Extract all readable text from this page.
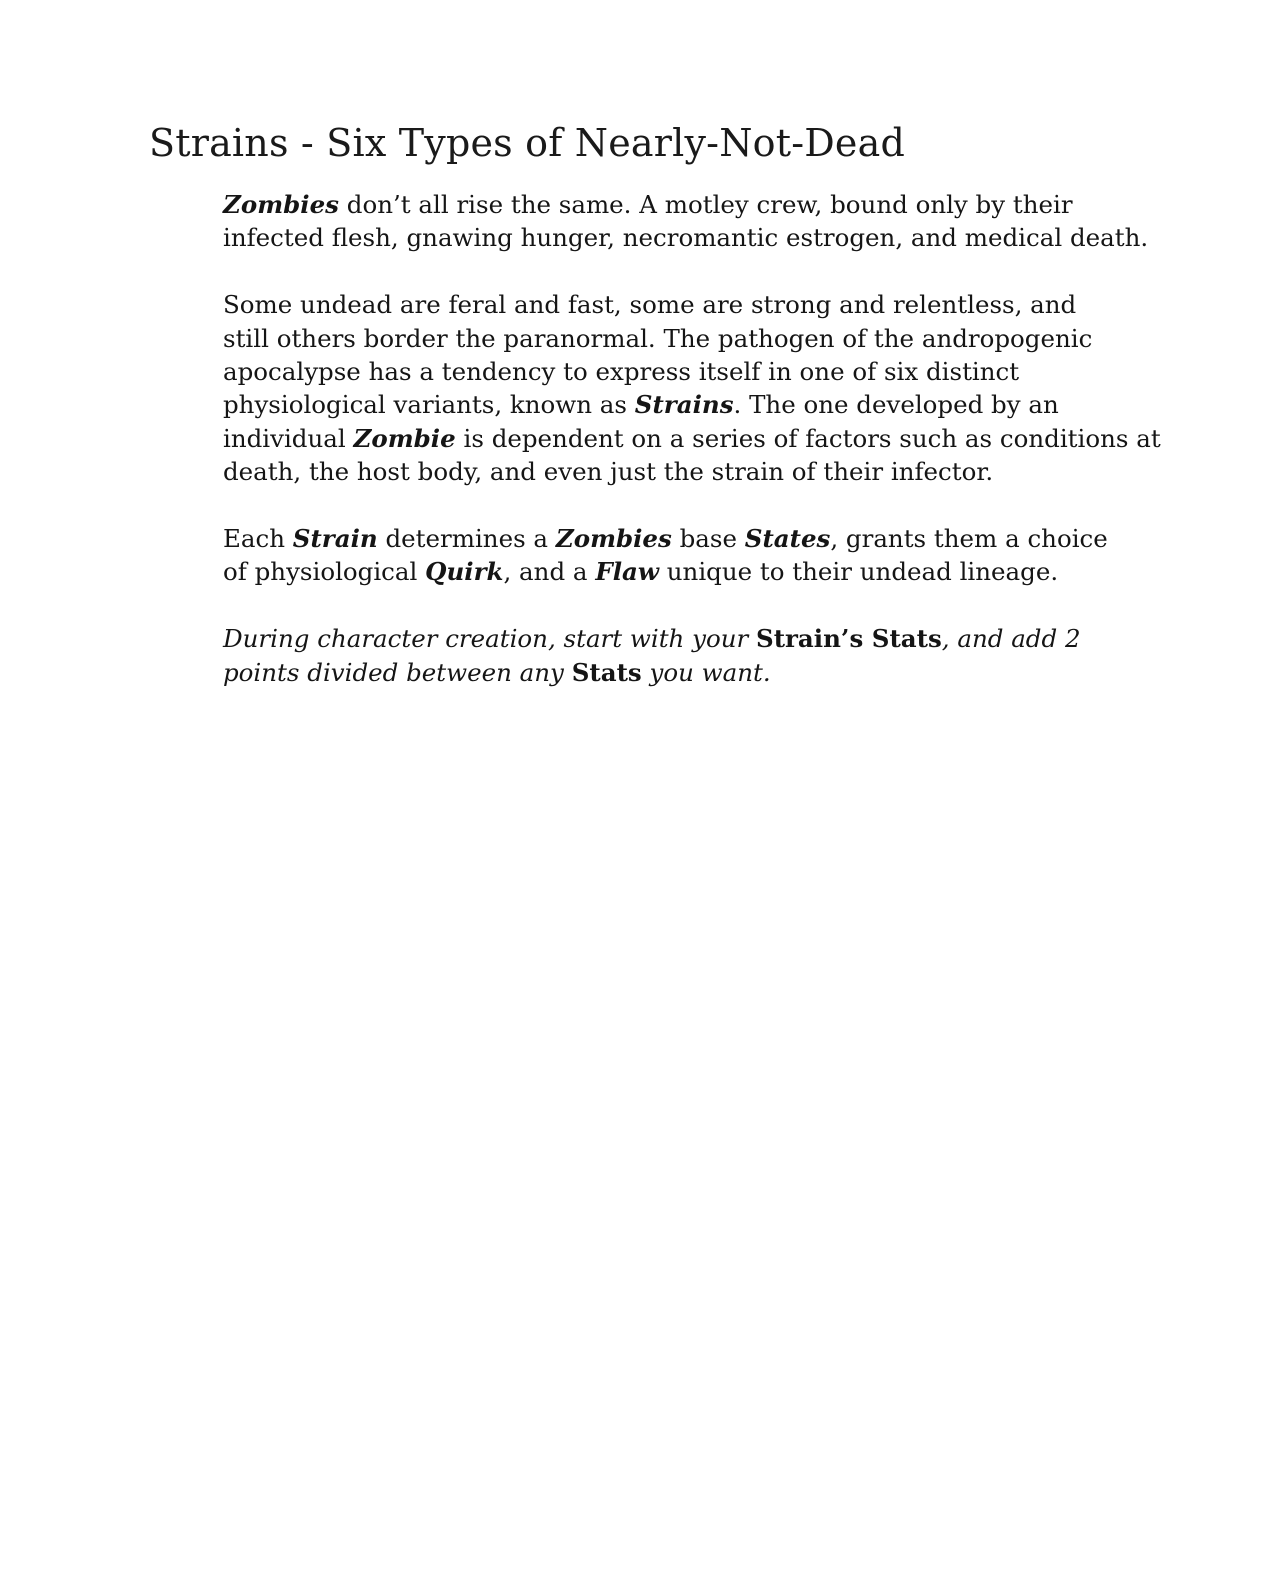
Strains - Six Types of Nearly-Not-Dead

Zombies don’t all rise the same. A motley crew, bound only by their
infected flesh, gnawing hunger, necromantic estrogen, and medical death.

Some undead are feral and fast, some are strong and relentless, and
still others border the paranormal. The pathogen of the andropogenic
apocalypse has a tendency to express itself in one of six distinct
physiological variants, known as Strains. The one developed by an
individual Zombie is dependent on a series of factors such as conditions at
death, the host body, and even just the strain of their infector.

Each Strain determines a Zombies base States, grants them a choice
of physiological Quirk, and a Flaw unique to their undead lineage.

During character creation, start with your Strain’s Stats, and add 2
points divided between any Stats you want.
